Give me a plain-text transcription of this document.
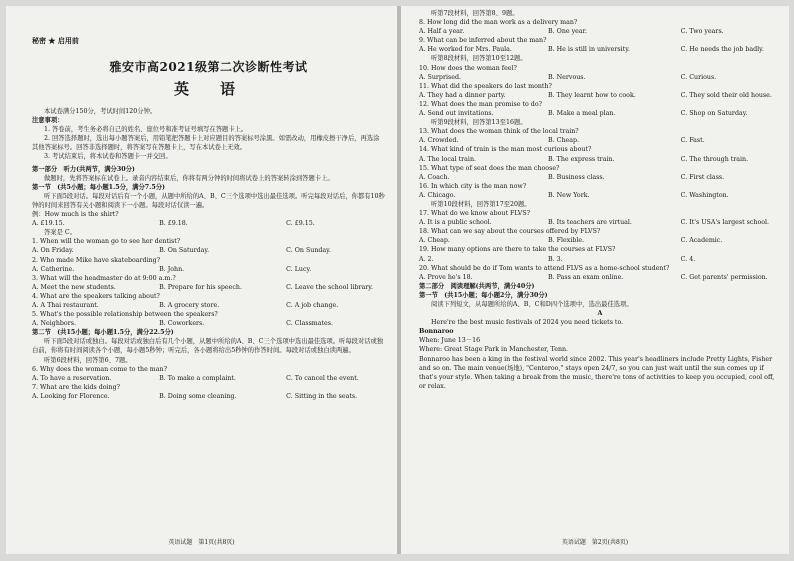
秘密 ★ 启用前
雅安市高2021级第二次诊断性考试
英　语
本试卷满分150分，考试时间120分钟。
注意事项：
1. 答卷前，考生务必将自己的姓名、座位号和准考证号填写在答题卡上。
2. 回答选择题时，选出每小题答案后，用铅笔把答题卡上对应题目的答案标号涂黑。如需改动，用橡皮擦干净后，再选涂其他答案标号。回答非选择题时，将答案写在答题卡上，写在本试卷上无效。
3. 考试结束后，将本试卷和答题卡一并交回。
第一部分　听力(共两节，满分30分)
做题时，先将答案标在试卷上。录音内容结束后，你将有两分钟的时间将试卷上的答案转涂到答题卡上。
第一节　(共5小题；每小题1.5分，满分7.5分)
听下面5段对话。每段对话后有一个小题，从题中所给的A、B、C三个选项中选出最佳选项。听完每段对话后，你都有10秒钟的时间来回答有关小题和阅读下一小题。每段对话仅读一遍。
例：How much is the shirt?
A. £19.15.	B. £9.18.	C. £9.15.
答案是 C。
1. When will the woman go to see her dentist?
A. On Friday.	B. On Saturday.	C. On Sunday.
2. Who made Mike have skateboarding?
A. Catherine.	B. John.	C. Lucy.
3. What will the headmaster do at 9:00 a.m.?
A. Meet the new students.	B. Prepare for his speech.	C. Leave the school library.
4. What are the speakers talking about?
A. A Thai restaurant.	B. A grocery store.	C. A job change.
5. What's the possible relationship between the speakers?
A. Neighbors.	B. Coworkers.	C. Classmates.
第二节　(共15小题；每小题1.5分，满分22.5分)
听下面5段对话或独白。每段对话或独白后有几个小题，从题中所给的A、B、C三个选项中选出最佳选项。听每段对话或独白前，你将有时间阅读各个小题，每小题5秒钟；听完后，各小题将给出5秒钟的作答时间。每段对话或独白读两遍。
听第6段材料，回答第6、7题。
6. Why does the woman come to the man?
A. To have a reservation.	B. To make a complaint.	C. To cancel the event.
7. What are the kids doing?
A. Looking for Florence.	B. Doing some cleaning.	C. Sitting in the seats.
英语试题　第1页(共8页)
听第7段材料，回答第8、9题。
8. How long did the man work as a delivery man?
A. Half a year.	B. One year.	C. Two years.
9. What can be inferred about the man?
A. He worked for Mrs. Paula.	B. He is still in university.	C. He needs the job badly.
听第8段材料，回答第10至12题。
10. How does the woman feel?
A. Surprised.	B. Nervous.	C. Curious.
11. What did the speakers do last month?
A. They had a dinner party.	B. They learnt how to cook.	C. They sold their old house.
12. What does the man promise to do?
A. Send out invitations.	B. Make a meal plan.	C. Shop on Saturday.
听第9段材料，回答第13至16题。
13. What does the woman think of the local train?
A. Crowded.	B. Cheap.	C. Fast.
14. What kind of train is the man most curious about?
A. The local train.	B. The express train.	C. The through train.
15. What type of seat does the man choose?
A. Coach.	B. Business class.	C. First class.
16. In which city is the man now?
A. Chicago.	B. New York.	C. Washington.
听第10段材料，回答第17至20题。
17. What do we know about FLVS?
A. It is a public school.	B. Its teachers are virtual.	C. It's USA's largest school.
18. What can we say about the courses offered by FLVS?
A. Cheap.	B. Flexible.	C. Academic.
19. How many options are there to take the courses at FLVS?
A. 2.	B. 3.	C. 4.
20. What should be do if Tom wants to attend FLVS as a home-school student?
A. Prove he's 18.	B. Pass an exam online.	C. Get parents' permission.
第二部分　阅读理解(共两节，满分40分)
第一节　(共15小题；每小题2分，满分30分)
阅读下列短文，从每题所给的A、B、C和D四个选项中，选出最佳选项。
A
Here're the best music festivals of 2024 you need tickets to.
Bonnaroo
When: June 13－16
Where: Great Stage Park in Manchester, Tenn.
Bonnaroo has been a king in the festival world since 2002. This year's headliners include Pretty Lights, Fisher and so on. The main venue(场地), "Centeroo," stays open 24/7, so you can just wait until the sun comes up if that's your style. When taking a break from the music, there're tons of activities to keep you occupied, cool off, or relax.
英语试题　第2页(共8页)
